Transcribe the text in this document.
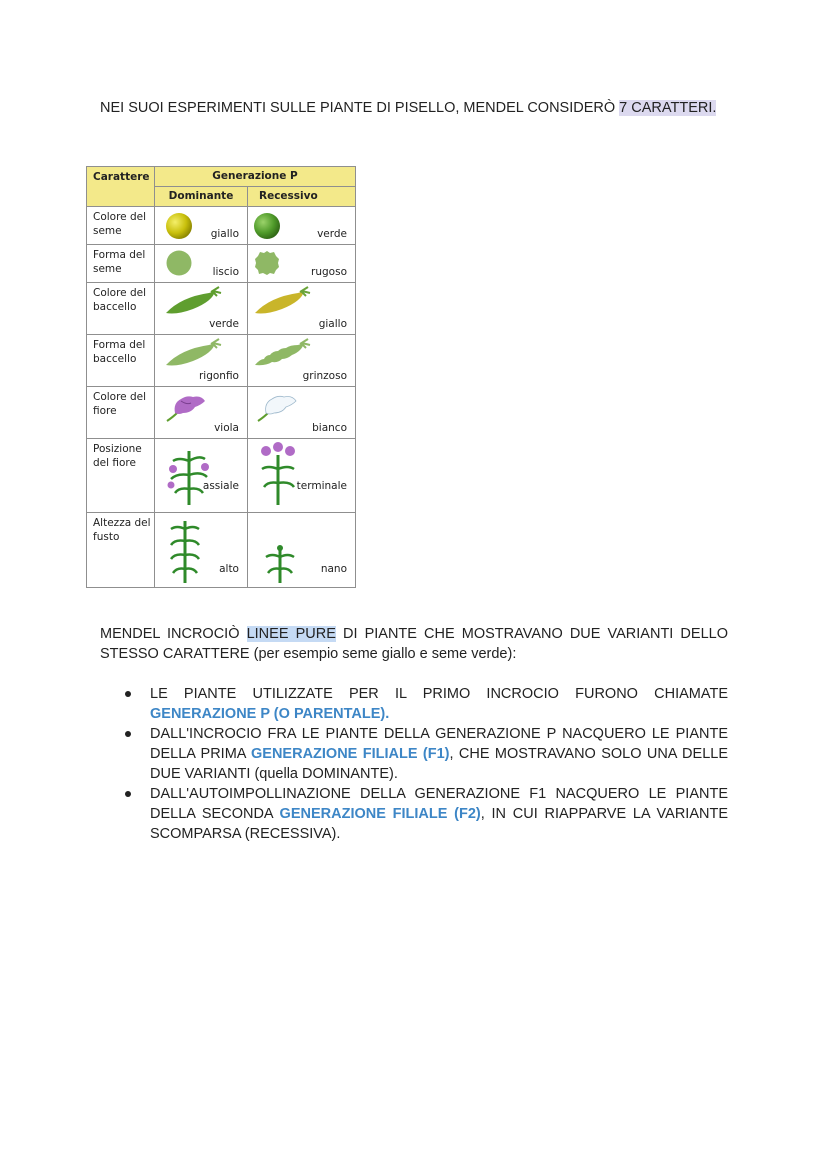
NEI SUOI ESPERIMENTI SULLE PIANTE DI PISELLO, MENDEL CONSIDERÒ 7 CARATTERI.

Carattere	Generazione P	
	Dominante	Recessivo
Colore del seme	giallo	verde

Forma del seme	liscio	rugoso

Colore del baccello	verde	giallo

Forma del baccello	rigonfio	grinzoso

Colore del fiore	viola	bianco

Posizione del fiore	assiale	terminale

Altezza del fusto	alto	nano

MENDEL INCROCIÒ LINEE PURE DI PIANTE CHE MOSTRAVANO DUE VARIANTI DELLO STESSO CARATTERE (per esempio seme giallo e seme verde):

LE PIANTE UTILIZZATE PER IL PRIMO INCROCIO FURONO CHIAMATE GENERAZIONE P (O PARENTALE).
DALL'INCROCIO FRA LE PIANTE DELLA GENERAZIONE P NACQUERO LE PIANTE DELLA PRIMA GENERAZIONE FILIALE (F1), CHE MOSTRAVANO SOLO UNA DELLE DUE VARIANTI (quella DOMINANTE).
DALL'AUTOIMPOLLINAZIONE DELLA GENERAZIONE F1 NACQUERO LE PIANTE DELLA SECONDA GENERAZIONE FILIALE (F2), IN CUI RIAPPARVE LA VARIANTE SCOMPARSA (RECESSIVA).
